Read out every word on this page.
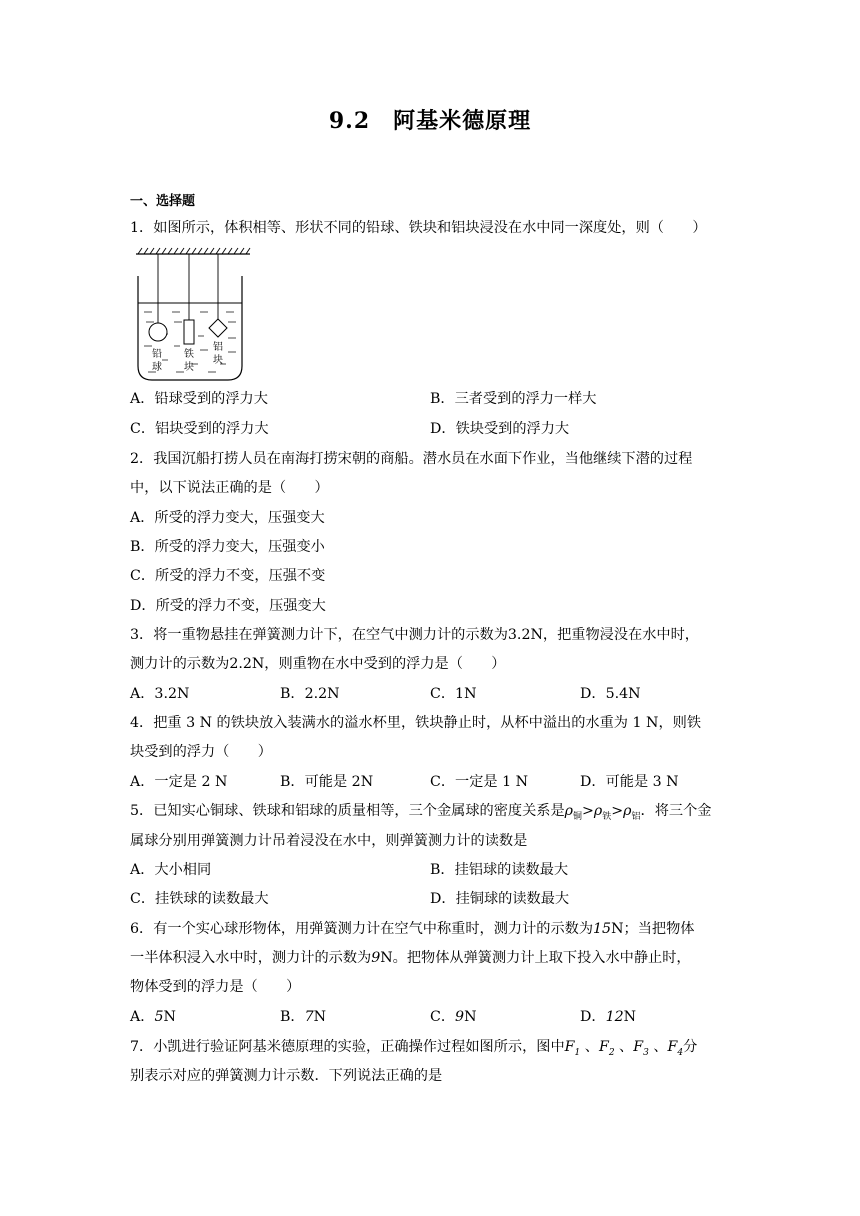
9.2　阿基米德原理
一、选择题
1．如图所示，体积相等、形状不同的铅球、铁块和铝块浸没在水中同一深度处，则（　　）
铅
球
铁
块
铝
块
A．铅球受到的浮力大	B．三者受到的浮力一样大
C．铝块受到的浮力大	D．铁块受到的浮力大
2．我国沉船打捞人员在南海打捞宋朝的商船。潜水员在水面下作业，当他继续下潜的过程
中，以下说法正确的是（　　）
A．所受的浮力变大，压强变大
B．所受的浮力变大，压强变小
C．所受的浮力不变，压强不变
D．所受的浮力不变，压强变大
3．将一重物悬挂在弹簧测力计下，在空气中测力计的示数为3.2N，把重物浸没在水中时，
测力计的示数为2.2N，则重物在水中受到的浮力是（　　）
A．3.2N	B．2.2N	C．1N	D．5.4N
4．把重 3 N 的铁块放入装满水的溢水杯里，铁块静止时，从杯中溢出的水重为 1 N，则铁
块受到的浮力（　　）
A．一定是 2 N	B．可能是 2N	C．一定是 1 N	D．可能是 3 N
5．已知实心铜球、铁球和铝球的质量相等，三个金属球的密度关系是$\rho_铜>\rho_铁>\rho_铝$．将三个金
属球分别用弹簧测力计吊着浸没在水中，则弹簧测力计的读数是
A．大小相同	B．挂铝球的读数最大
C．挂铁球的读数最大	D．挂铜球的读数最大
6．有一个实心球形物体，用弹簧测力计在空气中称重时，测力计的示数为15N；当把物体
一半体积浸入水中时，测力计的示数为9N。把物体从弹簧测力计上取下投入水中静止时，
物体受到的浮力是（　　）
A．5N	B．7N	C．9N	D．12N
7．小凯进行验证阿基米德原理的实验，正确操作过程如图所示，图中$F_1$ 、$F_2$ 、$F_3$ 、$F_4$分
别表示对应的弹簧测力计示数．下列说法正确的是
